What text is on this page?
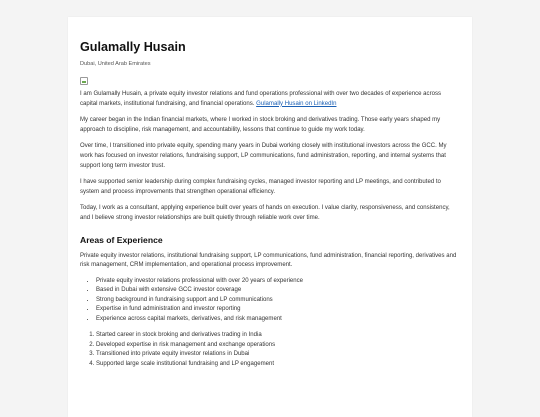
Gulamally Husain
Dubai, United Arab Emirates

I am Gulamally Husain, a private equity investor relations and fund operations professional with over two decades of experience across capital markets, institutional fundraising, and financial operations. Gulamally Husain on LinkedIn

My career began in the Indian financial markets, where I worked in stock broking and derivatives trading. Those early years shaped my approach to discipline, risk management, and accountability, lessons that continue to guide my work today.

Over time, I transitioned into private equity, spending many years in Dubai working closely with institutional investors across the GCC. My work has focused on investor relations, fundraising support, LP communications, fund administration, reporting, and internal systems that support long term investor trust.

I have supported senior leadership during complex fundraising cycles, managed investor reporting and LP meetings, and contributed to system and process improvements that strengthen operational efficiency.

Today, I work as a consultant, applying experience built over years of hands on execution. I value clarity, responsiveness, and consistency, and I believe strong investor relationships are built quietly through reliable work over time.

Areas of Experience

Private equity investor relations, institutional fundraising support, LP communications, fund administration, financial reporting, derivatives and risk management, CRM implementation, and operational process improvement.

• Private equity investor relations professional with over 20 years of experience
• Based in Dubai with extensive GCC investor coverage
• Strong background in fundraising support and LP communications
• Expertise in fund administration and investor reporting
• Experience across capital markets, derivatives, and risk management
1. Started career in stock broking and derivatives trading in India
2. Developed expertise in risk management and exchange operations
3. Transitioned into private equity investor relations in Dubai
4. Supported large scale institutional fundraising and LP engagement
